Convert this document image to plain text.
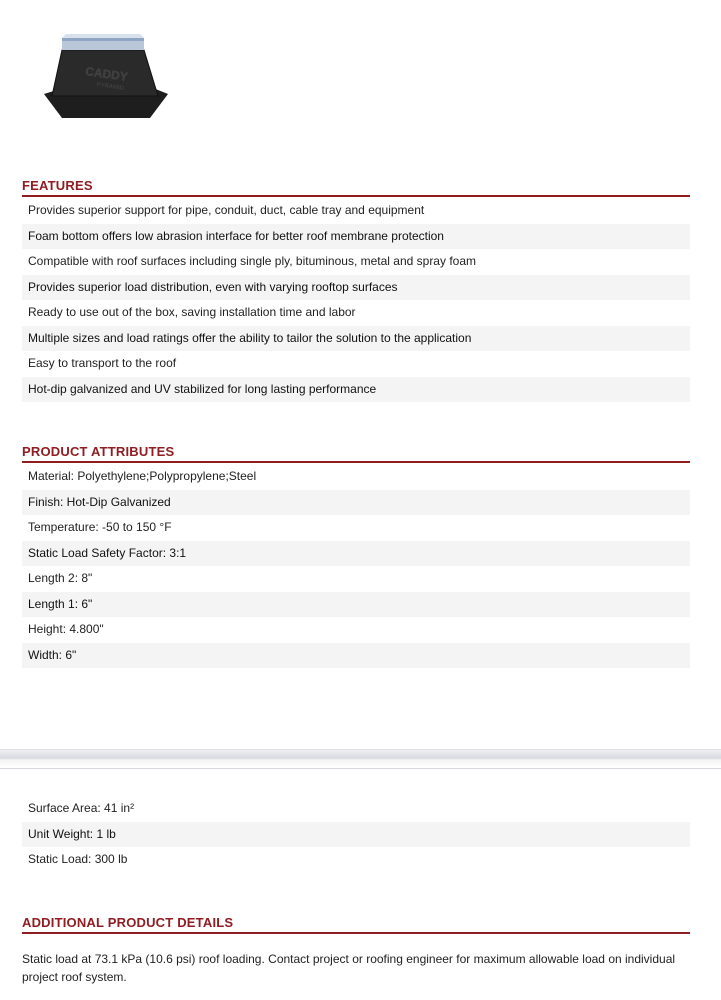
CADDY
PYRAMID
FEATURES
Provides superior support for pipe, conduit, duct, cable tray and equipment
Foam bottom offers low abrasion interface for better roof membrane protection
Compatible with roof surfaces including single ply, bituminous, metal and spray foam
Provides superior load distribution, even with varying rooftop surfaces
Ready to use out of the box, saving installation time and labor
Multiple sizes and load ratings offer the ability to tailor the solution to the application
Easy to transport to the roof
Hot-dip galvanized and UV stabilized for long lasting performance
PRODUCT ATTRIBUTES
Material: Polyethylene;Polypropylene;Steel
Finish: Hot-Dip Galvanized
Temperature: -50 to 150 °F
Static Load Safety Factor: 3:1
Length 2: 8"
Length 1: 6"
Height: 4.800"
Width: 6"
Surface Area: 41 in²
Unit Weight: 1 lb
Static Load: 300 lb
ADDITIONAL PRODUCT DETAILS

Static load at 73.1 kPa (10.6 psi) roof loading. Contact project or roofing engineer for maximum allowable load on individual project roof system.
